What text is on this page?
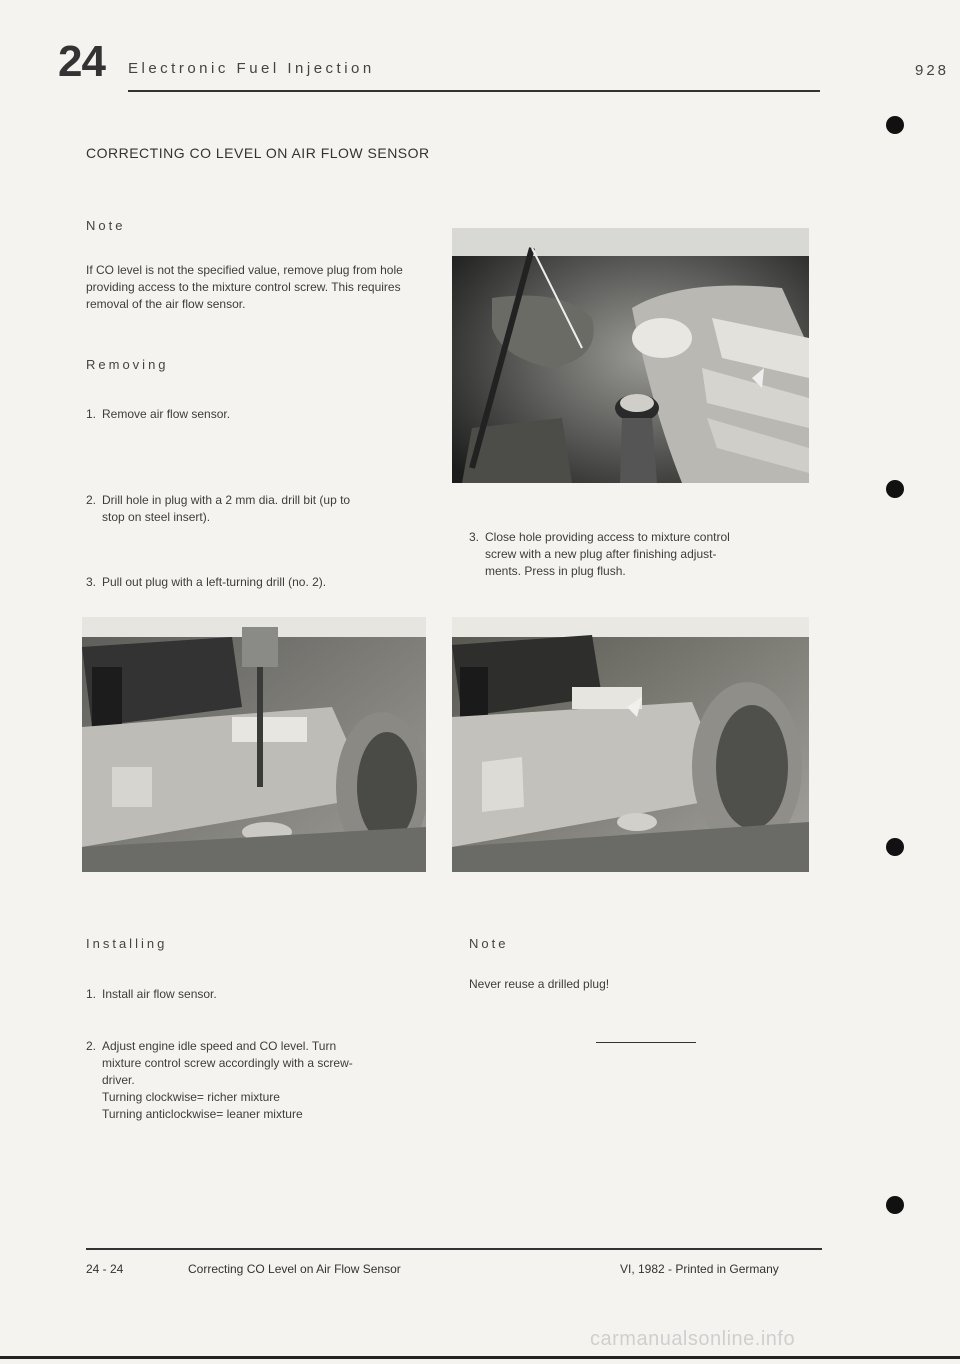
24 Electronic Fuel Injection	928
CORRECTING CO LEVEL ON AIR FLOW SENSOR
Note
If CO level is not the specified value, remove plug from hole providing access to the mixture control screw. This requires removal of the air flow sensor.
Removing
1. Remove air flow sensor.
2. Drill hole in plug with a 2 mm dia. drill bit (up to
stop on steel insert).
3. Pull out plug with a left-turning drill (no. 2).
3. Close hole providing access to mixture control
screw with a new plug after finishing adjust-
ments. Press in plug flush.
Installing
1. Install air flow sensor.
2. Adjust engine idle speed and CO level. Turn
mixture control screw accordingly with a screw-
driver.
Turning clockwise= richer mixture
Turning anticlockwise= leaner mixture
Note
Never reuse a drilled plug!
24 - 24	Correcting CO Level on Air Flow Sensor	VI, 1982 - Printed in Germany
carmanualsonline.info
